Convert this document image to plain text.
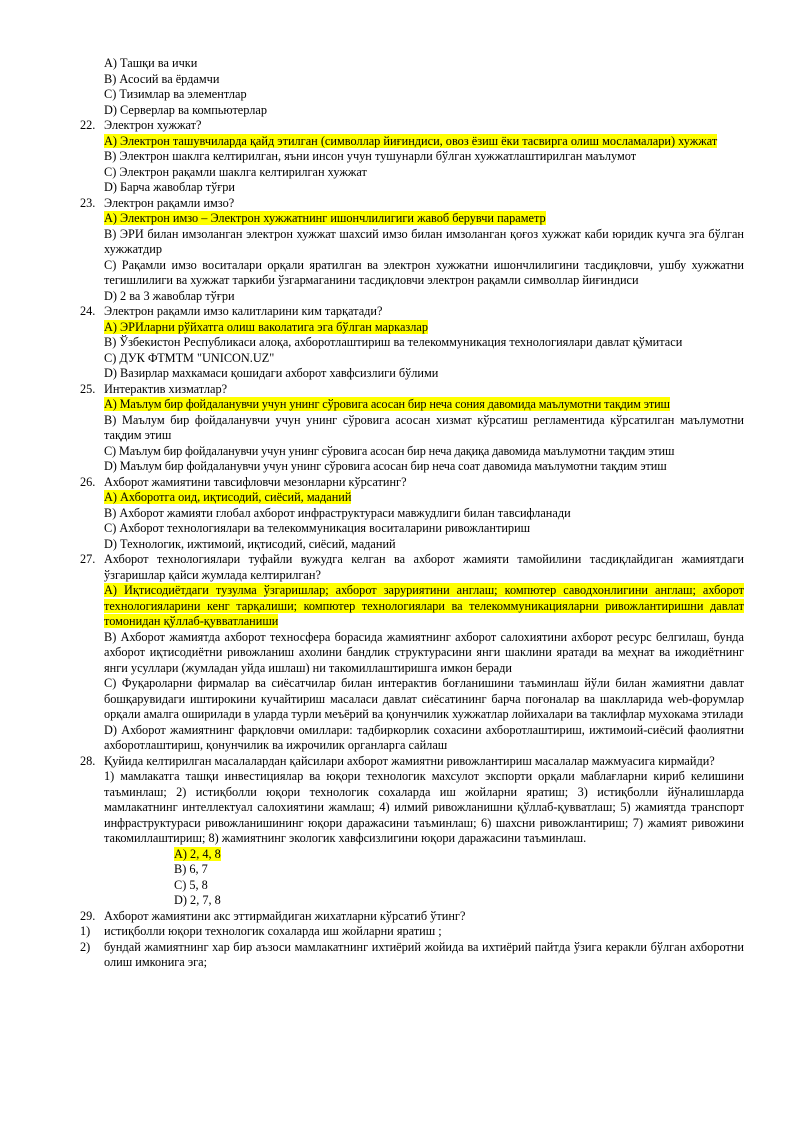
A) Ташқи ва ички

B) Асосий ва ёрдамчи

C) Тизимлар ва элементлар

D) Серверлар ва компьютерлар

22. Электрон хужжат?

A) Электрон ташувчиларда қайд этилган (символлар йиғиндиси, овоз ёзиш ёки тасвирга олиш мосламалари) хужжат

B) Электрон шаклга келтирилган, яъни инсон учун тушунарли бўлган хужжатлаштирилган маълумот

C) Электрон рақамли шаклга келтирилган хужжат

D) Барча жавоблар тўғри

23. Электрон рақамли имзо?

A) Электрон имзо – Электрон хужжатнинг ишончлилигиги жавоб берувчи параметр

B) ЭРИ билан имзоланган электрон хужжат шахсий имзо билан имзоланган қоғоз хужжат каби юридик кучга эга бўлган хужжатдир

C) Рақамли имзо воситалари орқали яратилган ва электрон хужжатни ишончлилигини тасдиқловчи, ушбу хужжатни тегишлилиги ва хужжат таркиби ўзгармаганини тасдиқловчи электрон рақамли символлар йиғиндиси

D) 2 ва 3 жавоблар тўғри

24. Электрон рақамли имзо калитларини ким тарқатади?

A) ЭРИларни рўйхатга олиш ваколатига эга бўлган марказлар

B) Ўзбекистон Республикаси алоқа, ахборотлаштириш ва телекоммуникация технологиялари давлат қўмитаси

C) ДУК ФТМТМ "UNICON.UZ"

D) Вазирлар махкамаси қошидаги ахборот хавфсизлиги бўлими

25. Интерактив хизматлар?

A) Маълум бир фойдаланувчи учун унинг сўровига асосан бир неча сония давомида маълумотни тақдим этиш

B) Маълум бир фойдаланувчи учун унинг сўровига асосан хизмат кўрсатиш регламентида кўрсатилган маълумотни тақдим этиш

C) Маълум бир фойдаланувчи учун унинг сўровига асосан бир неча дақиқа давомида маълумотни тақдим этиш

D) Маълум бир фойдаланувчи учун унинг сўровига асосан бир неча соат давомида маълумотни тақдим этиш

26. Ахборот жамиятини тавсифловчи мезонларни кўрсатинг?

A) Ахборотга оид, иқтисодий, сиёсий, маданий

B) Ахборот жамияти глобал ахборот инфраструктураси мавжудлиги билан тавсифланади

C) Ахборот технологиялари ва телекоммуникация воситаларини ривожлантириш

D) Технологик, ижтимоий, иқтисодий, сиёсий, маданий

27. Ахборот технологиялари туфайли вужудга келган ва ахборот жамияти тамойилини тасдиқлайдиган жамиятдаги ўзгаришлар қайси жумлада келтирилган?

A) Иқтисодиётдаги тузулма ўзгаришлар; ахборот заруриятини англаш; компютер саводхонлигини англаш; ахборот технологияларини кенг тарқалиши; компютер технологиялари ва телекоммуникацияларни ривожлантиришни давлат томонидан қўллаб-қувватланиши

B) Ахборот жамиятда ахборот техносфера борасида жамиятнинг ахборот салохиятини ахборот ресурс белгилаш, бунда ахборот иқтисодиётни ривожланиш ахолини бандлик структурасини янги шаклини яратади ва меҳнат ва ижодиётнинг янги усуллари (жумладан уйда ишлаш) ни такомиллаштиришга имкон беради

C) Фуқароларни фирмалар ва сиёсатчилар билан интерактив боғланишини таъминлаш йўли билан жамиятни давлат бошқарувидаги иштирокини кучайтириш масаласи давлат сиёсатининг барча поғоналар ва шаклларида web-форумлар орқали амалга оширилади в уларда турли меъёрий ва қонунчилик хужжатлар лойихалари ва таклифлар мухокама этилади

D) Ахборот жамиятнинг фарқловчи омиллари: тадбиркорлик сохасини ахборотлаштириш, ижтимоий-сиёсий фаолиятни ахборотлаштириш, қонунчилик ва ижрочилик органларга сайлаш

28. Қуйида келтирилган масалалардан қайсилари ахборот жамиятни ривожлантириш масалалар мажмуасига кирмайди?

1) мамлакатга ташқи инвестициялар ва юқори технологик махсулот экспорти орқали маблағларни кириб келишини таъминлаш; 2) истиқболли юқори технологик сохаларда иш жойларни яратиш; 3) истиқболли йўналишларда мамлакатнинг интеллектуал салохиятини жамлаш; 4) илмий ривожланишни қўллаб-қувватлаш; 5) жамиятда транспорт инфраструктураси ривожланишининг юқори даражасини таъминлаш; 6) шахсни ривожлантириш; 7) жамият ривожини такомиллаштириш; 8) жамиятнинг экологик хавфсизлигини юқори даражасини таъминлаш.

A) 2, 4, 8

B) 6, 7

C) 5, 8

D) 2, 7, 8

29. Ахборот жамиятини акс эттирмайдиган жихатларни кўрсатиб ўтинг?

1) истиқболли юқори технологик сохаларда иш жойларни яратиш ;

2) бундай жамиятнинг хар бир аъзоси мамлакатнинг ихтиёрий жойида ва ихтиёрий пайтда ўзига керакли бўлган ахборотни олиш имконига эга;
